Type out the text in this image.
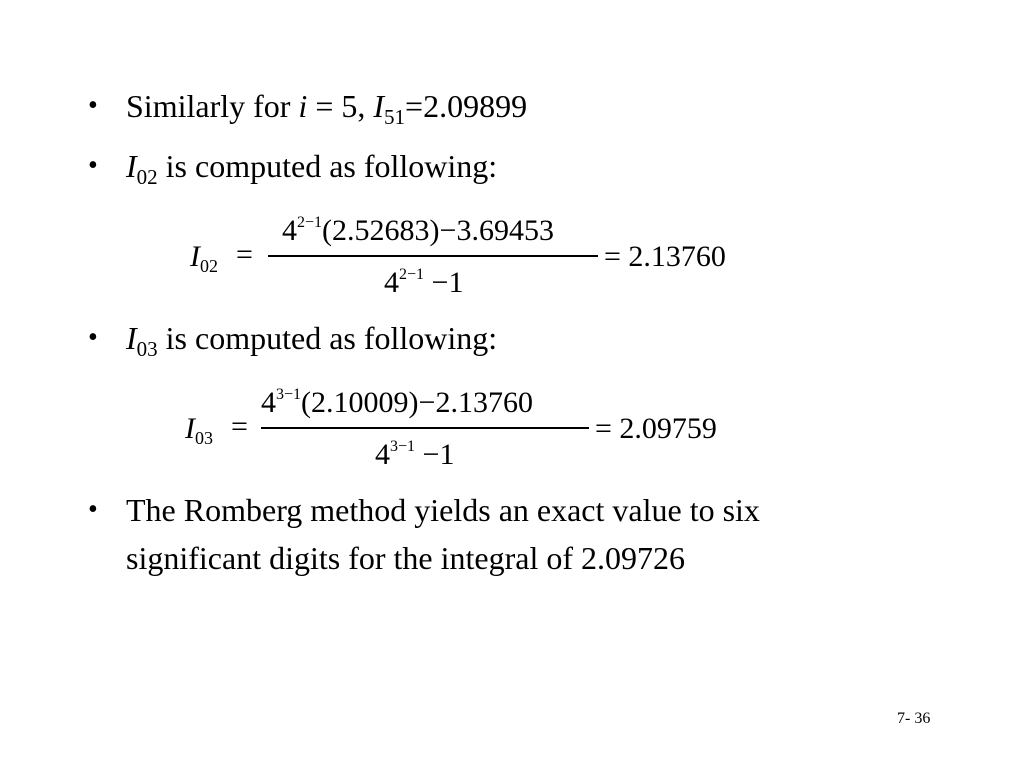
• Similarly for i = 5, $I_{51}=2.09899$
• $I_{02}$ is computed as following:
$I_{02}$ =
$4^{2-1}(2.52683)-3.69453$
$4^{2-1} -1$
= 2.13760
• $I_{03}$ is computed as following:
$I_{03}$ =
$4^{3-1}(2.10009)-2.13760$
$4^{3-1} -1$
= 2.09759
• The Romberg method yields an exact value to six
significant digits for the integral of 2.09726
7- 36
